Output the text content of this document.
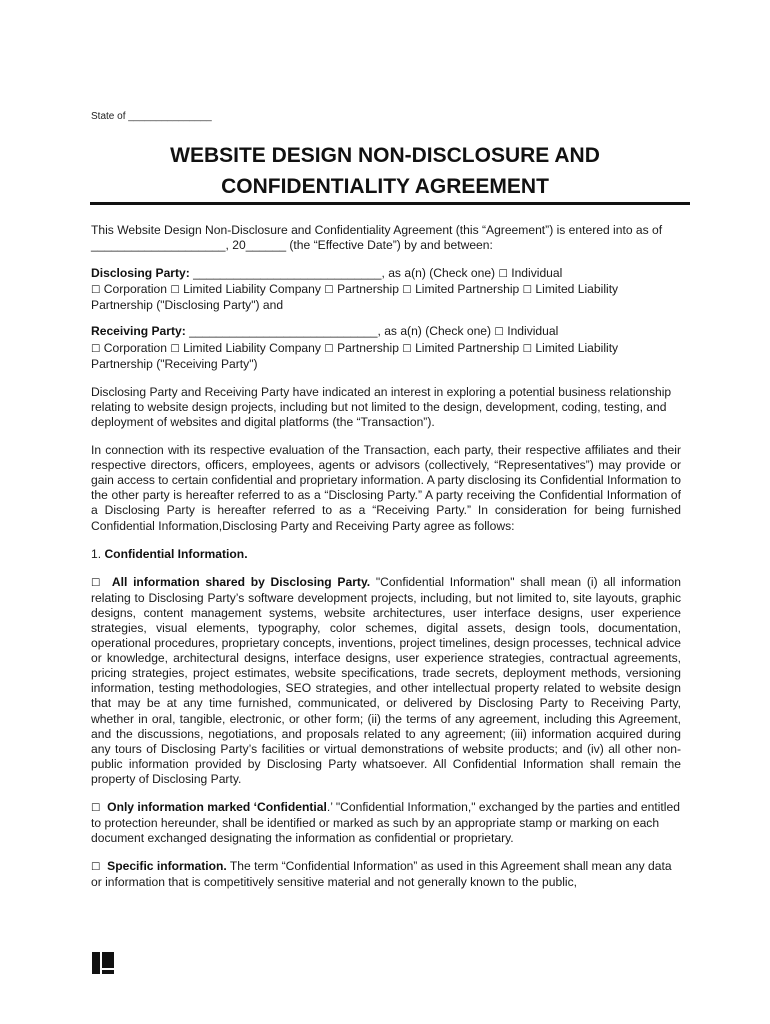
State of _______________
WEBSITE DESIGN NON-DISCLOSURE AND
CONFIDENTIALITY AGREEMENT

This Website Design Non-Disclosure and Confidentiality Agreement (this “Agreement”) is entered into as of ____________________, 20______ (the “Effective Date”) by and between:

Disclosing Party: ____________________________, as a(n) (Check one) ☐ Individual
☐ Corporation ☐ Limited Liability Company ☐ Partnership ☐ Limited Partnership ☐ Limited Liability Partnership ("Disclosing Party") and

Receiving Party: ____________________________, as a(n) (Check one) ☐ Individual
☐ Corporation ☐ Limited Liability Company ☐ Partnership ☐ Limited Partnership ☐ Limited Liability Partnership ("Receiving Party")

Disclosing Party and Receiving Party have indicated an interest in exploring a potential business relationship relating to website design projects, including but not limited to the design, development, coding, testing, and deployment of websites and digital platforms (the “Transaction”).

In connection with its respective evaluation of the Transaction, each party, their respective affiliates and their respective directors, officers, employees, agents or advisors (collectively, “Representatives”) may provide or gain access to certain confidential and proprietary information. A party disclosing its Confidential Information to the other party is hereafter referred to as a “Disclosing Party.” A party receiving the Confidential Information of a Disclosing Party is hereafter referred to as a “Receiving Party.” In consideration for being furnished Confidential Information,Disclosing Party and Receiving Party agree as follows:

1. Confidential Information.

☐ All information shared by Disclosing Party. "Confidential Information" shall mean (i) all information relating to Disclosing Party’s software development projects, including, but not limited to, site layouts, graphic designs, content management systems, website architectures, user interface designs, user experience strategies, visual elements, typography, color schemes, digital assets, design tools, documentation, operational procedures, proprietary concepts, inventions, project timelines, design processes, technical advice or knowledge, architectural designs, interface designs, user experience strategies, contractual agreements, pricing strategies, project estimates, website specifications, trade secrets, deployment methods, versioning information, testing methodologies, SEO strategies, and other intellectual property related to website design that may be at any time furnished, communicated, or delivered by Disclosing Party to Receiving Party, whether in oral, tangible, electronic, or other form; (ii) the terms of any agreement, including this Agreement, and the discussions, negotiations, and proposals related to any agreement; (iii) information acquired during any tours of Disclosing Party’s facilities or virtual demonstrations of website products; and (iv) all other non-public information provided by Disclosing Party whatsoever. All Confidential Information shall remain the property of Disclosing Party.

☐ Only information marked ‘Confidential.’ "Confidential Information," exchanged by the parties and entitled to protection hereunder, shall be identified or marked as such by an appropriate stamp or marking on each document exchanged designating the information as confidential or proprietary.

☐ Specific information. The term “Confidential Information” as used in this Agreement shall mean any data or information that is competitively sensitive material and not generally known to the public,
